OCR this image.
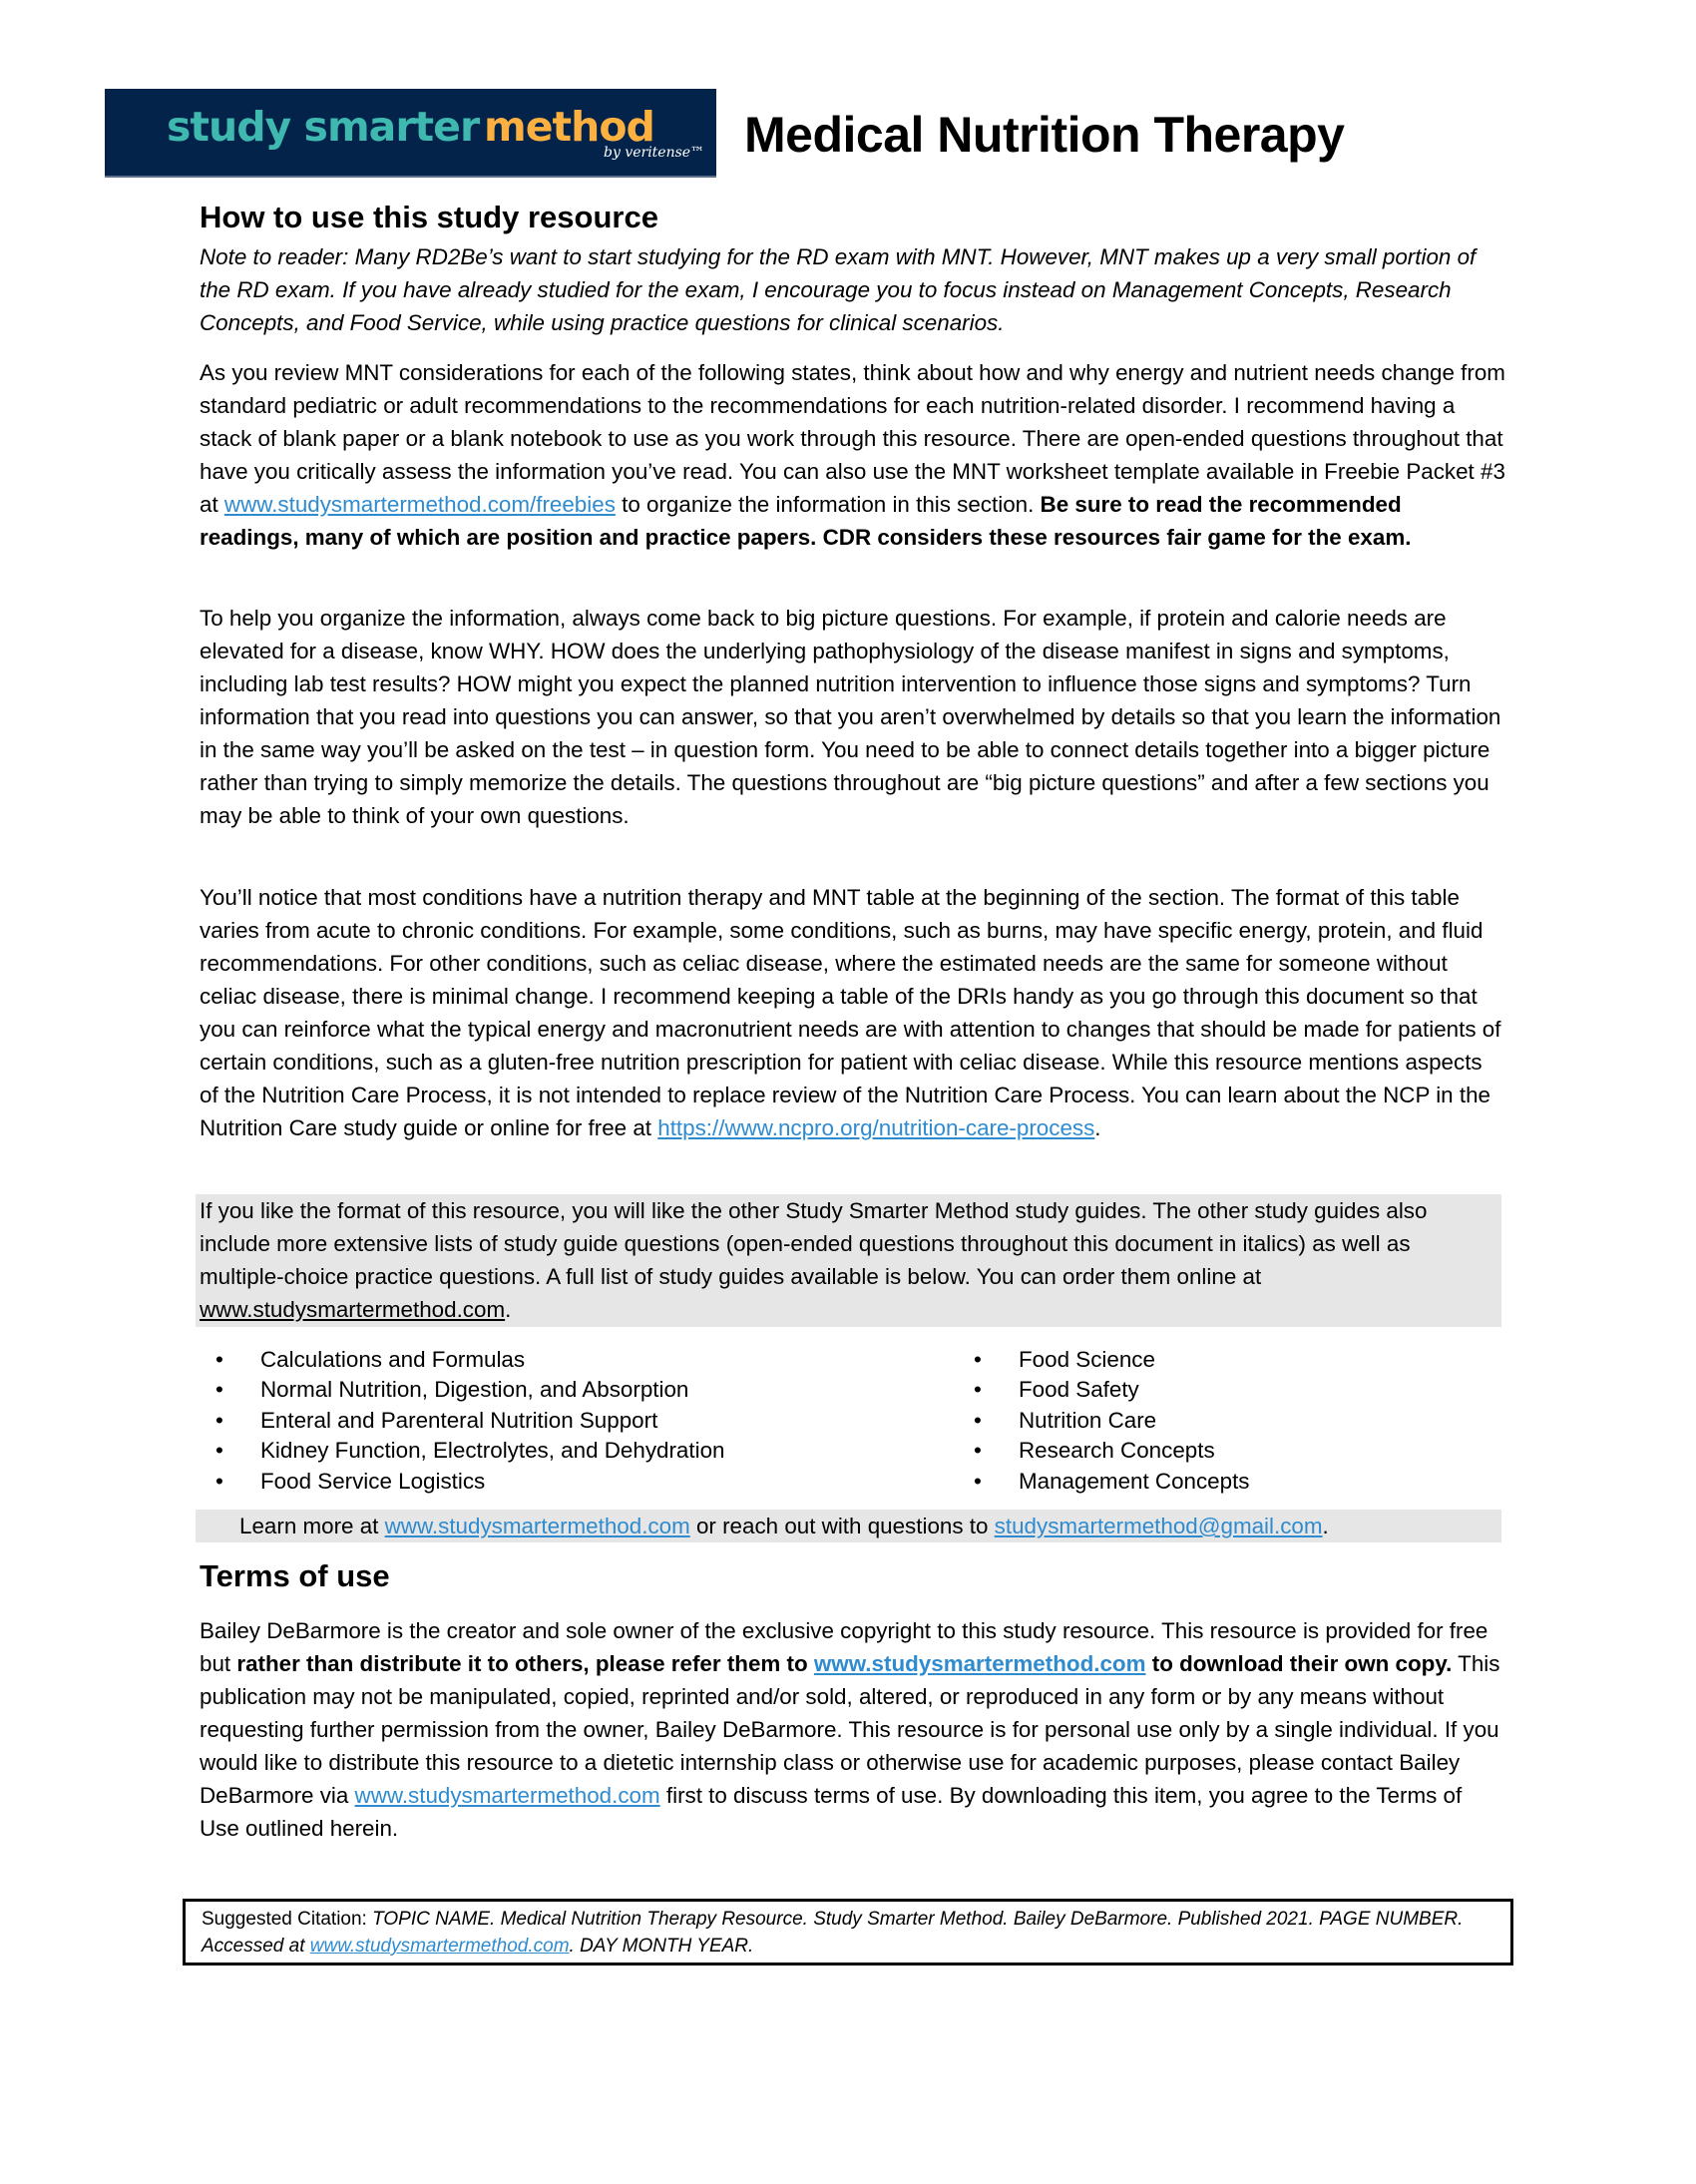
study smarter method
by veritense™ Medical Nutrition Therapy
How to use this study resource
Note to reader: Many RD2Be’s want to start studying for the RD exam with MNT. However, MNT makes up a very small portion of the RD exam. If you have already studied for the exam, I encourage you to focus instead on Management Concepts, Research Concepts, and Food Service, while using practice questions for clinical scenarios.
As you review MNT considerations for each of the following states, think about how and why energy and nutrient needs change from standard pediatric or adult recommendations to the recommendations for each nutrition-related disorder. I recommend having a stack of blank paper or a blank notebook to use as you work through this resource. There are open-ended questions throughout that have you critically assess the information you’ve read. You can also use the MNT worksheet template available in Freebie Packet #3 at www.studysmartermethod.com/freebies to organize the information in this section. Be sure to read the recommended readings, many of which are position and practice papers. CDR considers these resources fair game for the exam.
To help you organize the information, always come back to big picture questions. For example, if protein and calorie needs are elevated for a disease, know WHY. HOW does the underlying pathophysiology of the disease manifest in signs and symptoms, including lab test results? HOW might you expect the planned nutrition intervention to influence those signs and symptoms? Turn information that you read into questions you can answer, so that you aren’t overwhelmed by details so that you learn the information in the same way you’ll be asked on the test – in question form. You need to be able to connect details together into a bigger picture rather than trying to simply memorize the details. The questions throughout are “big picture questions” and after a few sections you may be able to think of your own questions.
You’ll notice that most conditions have a nutrition therapy and MNT table at the beginning of the section. The format of this table varies from acute to chronic conditions. For example, some conditions, such as burns, may have specific energy, protein, and fluid recommendations. For other conditions, such as celiac disease, where the estimated needs are the same for someone without celiac disease, there is minimal change. I recommend keeping a table of the DRIs handy as you go through this document so that you can reinforce what the typical energy and macronutrient needs are with attention to changes that should be made for patients of certain conditions, such as a gluten-free nutrition prescription for patient with celiac disease. While this resource mentions aspects of the Nutrition Care Process, it is not intended to replace review of the Nutrition Care Process. You can learn about the NCP in the Nutrition Care study guide or online for free at https://www.ncpro.org/nutrition-care-process.
If you like the format of this resource, you will like the other Study Smarter Method study guides. The other study guides also include more extensive lists of study guide questions (open-ended questions throughout this document in italics) as well as multiple-choice practice questions. A full list of study guides available is below. You can order them online at www.studysmartermethod.com.
• Calculations and Formulas
• Normal Nutrition, Digestion, and Absorption
• Enteral and Parenteral Nutrition Support
• Kidney Function, Electrolytes, and Dehydration
• Food Service Logistics
• Food Science
• Food Safety
• Nutrition Care
• Research Concepts
• Management Concepts
Learn more at www.studysmartermethod.com or reach out with questions to studysmartermethod@gmail.com.
Terms of use
Bailey DeBarmore is the creator and sole owner of the exclusive copyright to this study resource. This resource is provided for free but rather than distribute it to others, please refer them to www.studysmartermethod.com to download their own copy. This publication may not be manipulated, copied, reprinted and/or sold, altered, or reproduced in any form or by any means without requesting further permission from the owner, Bailey DeBarmore. This resource is for personal use only by a single individual. If you would like to distribute this resource to a dietetic internship class or otherwise use for academic purposes, please contact Bailey DeBarmore via www.studysmartermethod.com first to discuss terms of use. By downloading this item, you agree to the Terms of Use outlined herein.
Suggested Citation: TOPIC NAME. Medical Nutrition Therapy Resource. Study Smarter Method. Bailey DeBarmore. Published 2021. PAGE NUMBER. Accessed at www.studysmartermethod.com. DAY MONTH YEAR.
